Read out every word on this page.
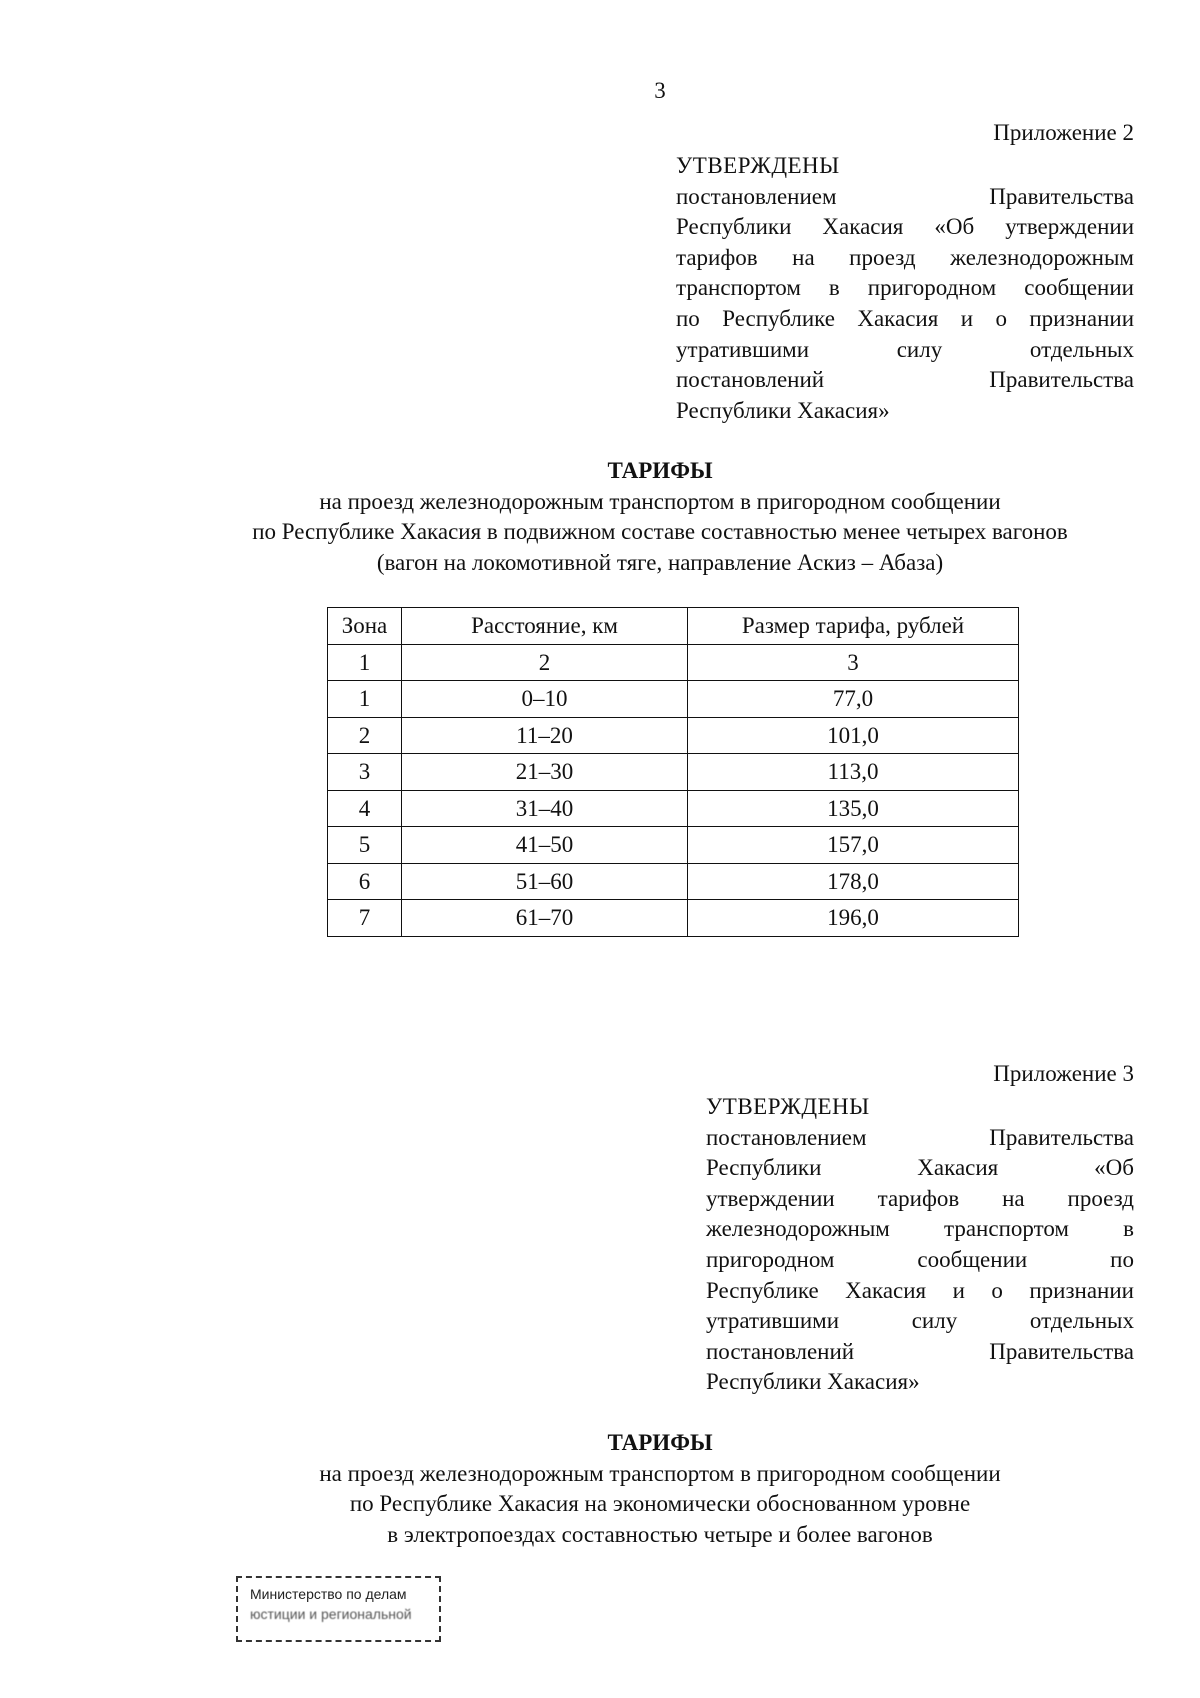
3
Приложение 2
УТВЕРЖДЕНЫ
постановлением Правительства
Республики Хакасия «Об утверждении
тарифов на проезд железнодорожным
транспортом в пригородном сообщении
по Республике Хакасия и о признании
утратившими силу отдельных
постановлений Правительства
Республики Хакасия»
ТАРИФЫ
на проезд железнодорожным транспортом в пригородном сообщении
по Республике Хакасия в подвижном составе составностью менее четырех вагонов
(вагон на локомотивной тяге, направление Аскиз – Абаза)
Зона	Расстояние, км	Размер тарифа, рублей
1	2	3
1	0–10	77,0
2	11–20	101,0
3	21–30	113,0
4	31–40	135,0
5	41–50	157,0
6	51–60	178,0
7	61–70	196,0
Приложение 3
УТВЕРЖДЕНЫ
постановлением Правительства
Республики Хакасия «Об
утверждении тарифов на проезд
железнодорожным транспортом в
пригородном сообщении по
Республике Хакасия и о признании
утратившими силу отдельных
постановлений Правительства
Республики Хакасия»
ТАРИФЫ
на проезд железнодорожным транспортом в пригородном сообщении
по Республике Хакасия на экономически обоснованном уровне
в электропоездах составностью четыре и более вагонов
Министерство по делам
юстиции и региональной
